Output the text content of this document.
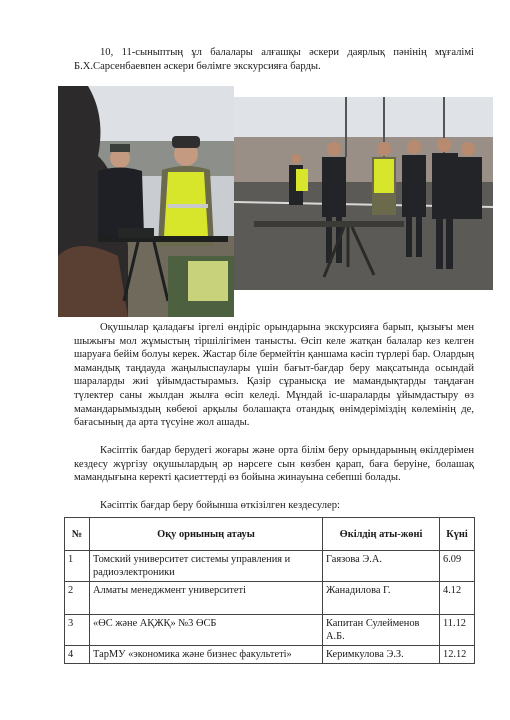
10, 11-сыныптың ұл балалары алғашқы әскери даярлық пәнінің мұғалімі Б.Х.Сарсенбаевпен әскери бөлімге экскурсияға барды.

Оқушылар қаладағы іргелі өндіріс орындарына экскурсияға барып, қызығы мен шыжығы мол жұмыстың тіршілігімен танысты. Өсіп келе жатқан балалар кез келген шаруаға бейім болуы керек. Жастар біле бермейтін қаншама кәсіп түрлері бар. Олардың мамандық таңдауда жаңылыспаулары үшін бағыт-бағдар беру мақсатында осындай шараларды жиі ұйымдастырамыз. Қазір сұранысқа ие мамандықтарды таңдаған түлектер саны жылдан жылға өсіп келеді. Мұндай іс-шараларды ұйымдастыру өз мамандарымыздың көбеюі арқылы болашақта отандық өнімдеріміздің көлемінің де, бағасының да арта түсуіне жол ашады.

Кәсіптік бағдар берудегі жоғары және орта білім беру орындарының өкілдерімен кездесу жүргізу оқушылардың әр нәрсеге сын көзбен қарап, баға беруіне, болашақ мамандығына керекті қасиеттерді өз бойына жинауына себепші болады.

Кәсіптік бағдар беру бойынша өткізілген кездесулер:

№	Оқу орнының атауы	Өкілдің аты-жөні	Күні
1	Томский университет системы управления и радиоэлектроники	Гаязова Э.А.	6.09
2	Алматы менеджмент университеті	Жанадилова Г.	4.12
3	«ӨС және АҚЖҚ» №3 ӨСБ	Капитан Сулейменов А.Б.	11.12
4	ТарМУ «экономика және бизнес факультеті»	Керимкулова Э.З.	12.12
